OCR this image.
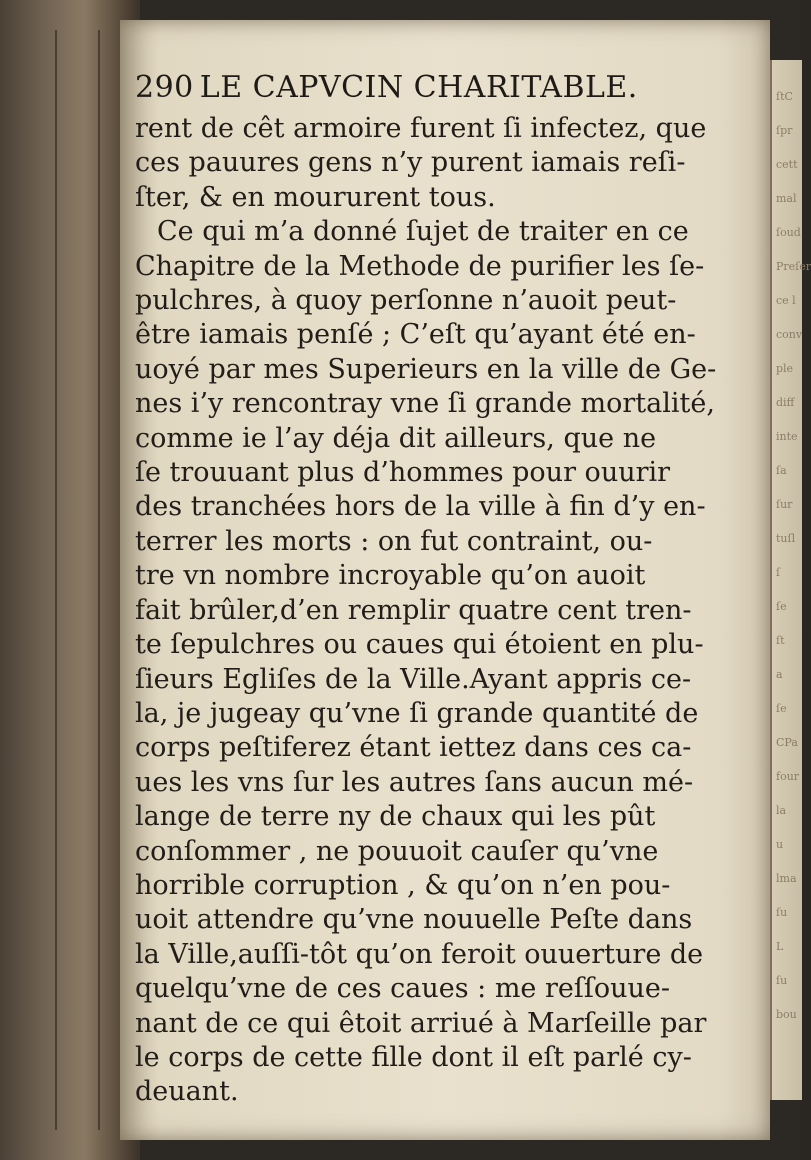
ſtC
ſpr
cett
mal
ſoud
Preſer
ce l
conv
ple
diff
inte
ſa
ſur
tuſl
ſ
ſe
ſt
a
ſe
CPa
four
la
u
lma
ſu
L
ſu
bou
290 LE CAPVCIN CHARITABLE.
rent de cêt armoire furent ſi infectez, que
ces pauures gens n’y purent iamais reſi-
ſter, & en moururent tous.
Ce qui m’a donné ſujet de traiter en ce
Chapitre de la Methode de purifier les ſe-
pulchres, à quoy perſonne n’auoit peut-
être iamais penſé ; C’eſt qu’ayant été en-
uoyé par mes Superieurs en la ville de Ge-
nes i’y rencontray vne ſi grande mortalité,
comme ie l’ay déja dit ailleurs, que ne
ſe trouuant plus d’hommes pour ouurir
des tranchées hors de la ville à fin d’y en-
terrer les morts : on fut contraint, ou-
tre vn nombre incroyable qu’on auoit
fait brûler,d’en remplir quatre cent tren-
te ſepulchres ou caues qui étoient en plu-
ſieurs Egliſes de la Ville.Ayant appris ce-
la, je jugeay qu’vne ſi grande quantité de
corps peſtiferez étant iettez dans ces ca-
ues les vns ſur les autres ſans aucun mé-
lange de terre ny de chaux qui les pût
conſommer , ne pouuoit cauſer qu’vne
horrible corruption , & qu’on n’en pou-
uoit attendre qu’vne nouuelle Peſte dans
la Ville,auſſi-tôt qu’on feroit ouuerture de
quelqu’vne de ces caues : me reſſouue-
nant de ce qui êtoit arriué à Marſeille par
le corps de cette fille dont il eſt parlé cy-
deuant.
